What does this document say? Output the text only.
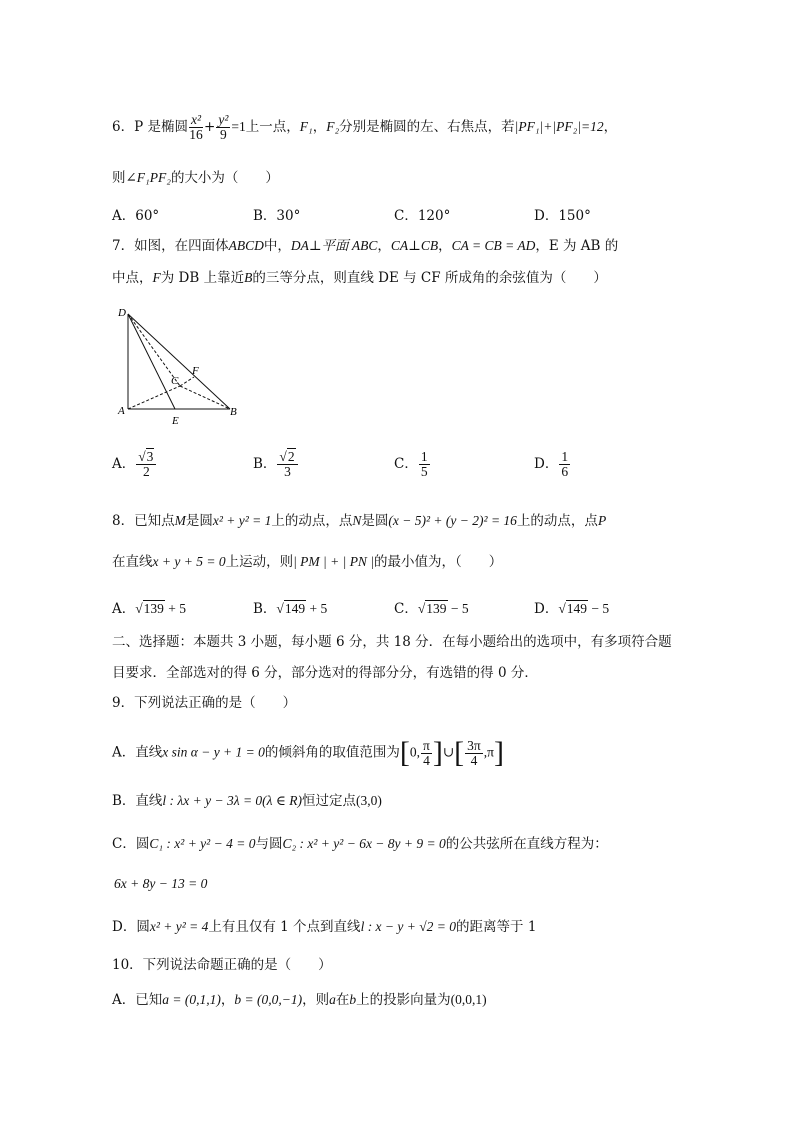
6．P 是椭圆 $\frac{\text{x²}}{16} + \frac{\text{y²}}{9} =1$上一点，F₁，F₂分别是椭圆的左、右焦点，若|PF₁|+|PF₂|=12，
则∠F₁PF₂的大小为（　　）
A．60°	B．30°	C．120°	D．150°
7．如图，在四面体ABCD中，DA⊥平面 ABC，CA⊥CB，CA = CB = AD，E 为 AB 的
中点，F为 DB 上靠近B的三等分点，则直线 DE 与 CF 所成角的余弦值为（　　）
D
A
E
B
C
F
A． $\frac{√3}{2}$	B． $\frac{√2}{3}$	C． $\frac{1}{5}$	D． $\frac{1}{6}$
8．已知点M是圆x² + y² = 1上的动点，点N是圆(x − 5)² + (y − 2)² = 16上的动点，点P
在直线x + y + 5 = 0上运动，则| PM | + | PN |的最小值为，（　　）
A．√139 + 5	B．√149 + 5	C．√139 − 5	D．√149 − 5
二、选择题：本题共 3 小题，每小题 6 分，共 18 分．在每小题给出的选项中，有多项符合题
目要求．全部选对的得 6 分，部分选对的得部分分，有选错的得 0 分．
9．下列说法正确的是（　　）
A．直线x sin α − y + 1 = 0的倾斜角的取值范围为[0, $\frac{\pi}{4}$ ]∪[ $\frac{3\pi}{4} ,\pi$]
B．直线l : λx + y − 3λ = 0(λ ∈ R)恒过定点(3,0)
C．圆C₁ : x² + y² − 4 = 0与圆C₂ : x² + y² − 6x − 8y + 9 = 0的公共弦所在直线方程为：
6x + 8y − 13 = 0
D．圆x² + y² = 4上有且仅有 1 个点到直线l : x − y + √2 = 0的距离等于 1
10．下列说法命题正确的是（　　）
A．已知a = (0,1,1)，b = (0,0,−1)，则a在b上的投影向量为(0,0,1)
